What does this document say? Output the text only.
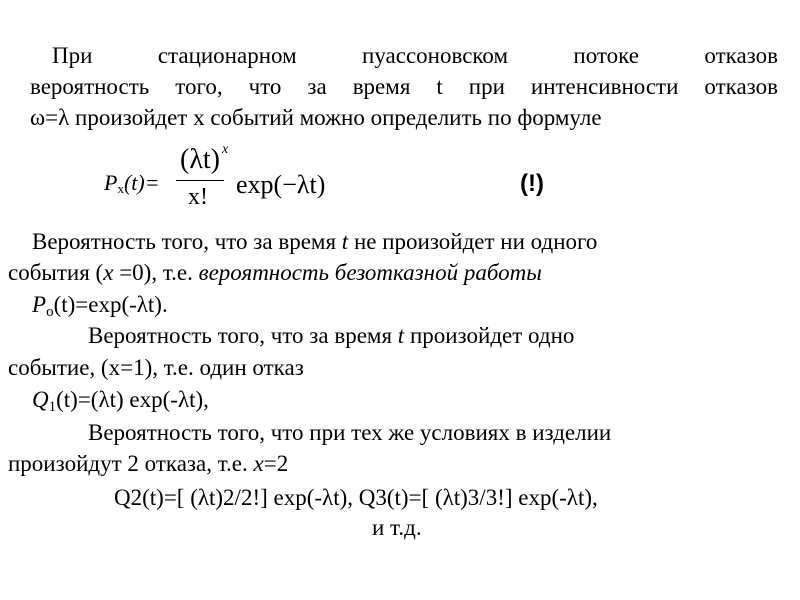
При стационарном пуассоновском потоке отказов
вероятность того, что за время t при интенсивности отказов
ω=λ произойдет x событий можно определить по формуле
$P_x(t)=$
(λt) x
x! exp(−λt)	(!)
Вероятность того, что за время t не произойдет ни одного
события (x =0), т.е. вероятность безотказной работы
$P_o(t)=\exp(-\lambda t)$.
Вероятность того, что за время t произойдет одно
событие, (x=1), т.е. один отказ
$Q_1(t)=(\lambda t)$ exp(-λt),
Вероятность того, что при тех же условиях в изделии
произойдут 2 отказа, т.е. x=2
Q2(t)=[ (λt)2/2!] exp(-λt), Q3(t)=[ (λt)3/3!] exp(-λt),
и т.д.
